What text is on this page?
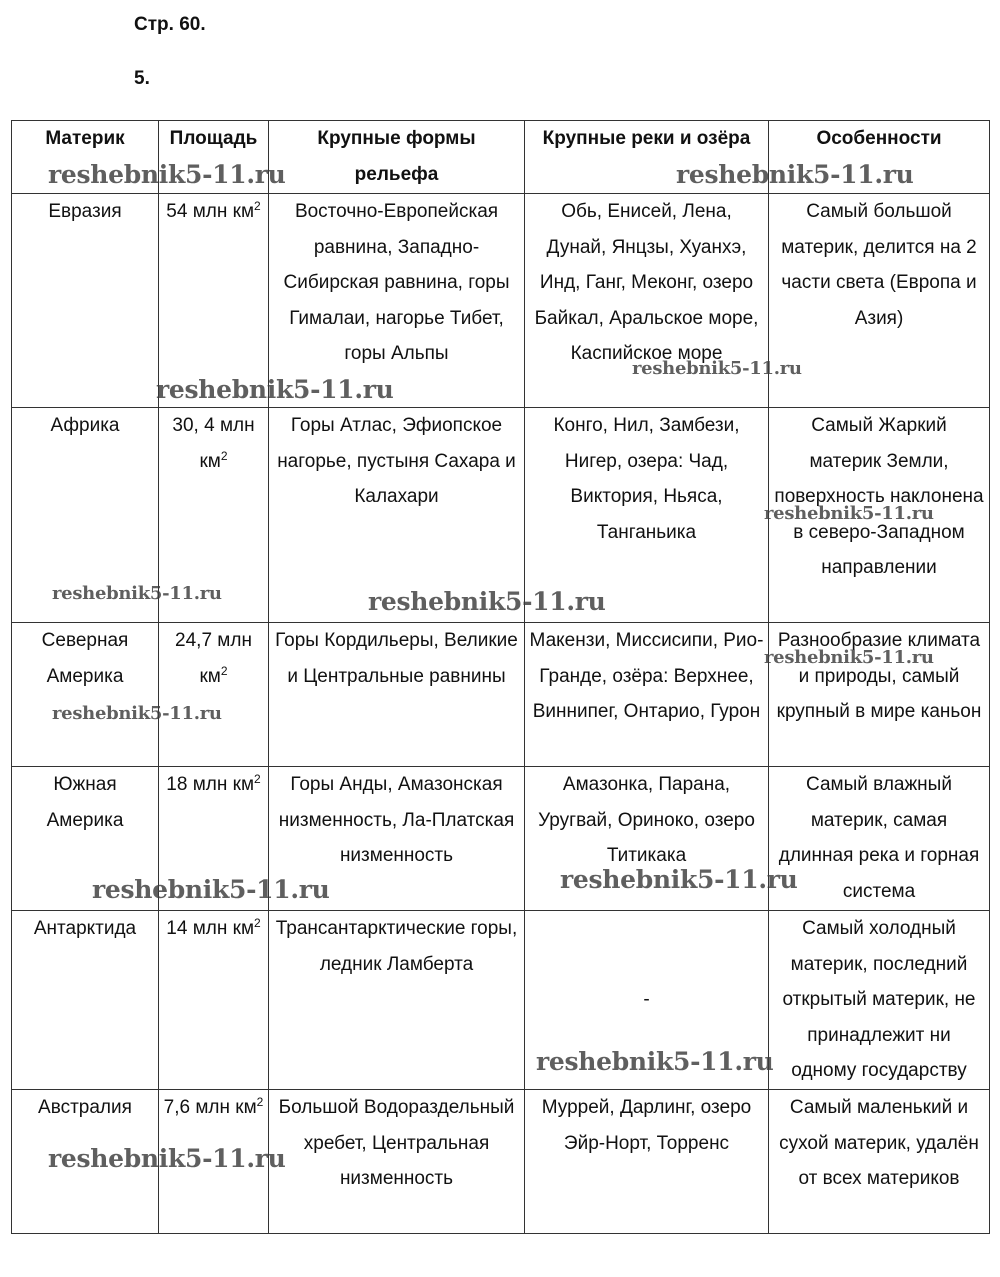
Стр. 60.
5.
Материк	Площадь	Крупные формы рельефа	Крупные реки и озёра	Особенности
Евразия	54 млн $км^2$	Восточно-Европейская равнина, Западно-Сибирская равнина, горы Гималаи, нагорье Тибет, горы Альпы	Обь, Енисей, Лена, Дунай, Янцзы, Хуанхэ, Инд, Ганг, Меконг, озеро Байкал, Аральское море, Каспийское море	Самый большой материк, делится на 2 части света (Европа и Азия)
Африка	30, 4 млн $км^2$	Горы Атлас, Эфиопское нагорье, пустыня Сахара и Калахари	Конго, Нил, Замбези, Нигер, озера: Чад, Виктория, Ньяса, Танганьика	Самый Жаркий материк Земли, поверхность наклонена в северо-Западном направлении
Северная Америка	24,7 млн $км^2$	Горы Кордильеры, Великие и Центральные равнины	Макензи, Миссисипи, Рио-Гранде, озёра: Верхнее, Виннипег, Онтарио, Гурон	Разнообразие климата и природы, самый крупный в мире каньон
Южная Америка	18 млн $км^2$	Горы Анды, Амазонская низменность, Ла-Платская низменность	Амазонка, Парана, Уругвай, Ориноко, озеро Титикака	Самый влажный материк, самая длинная река и горная система
Антарктида	14 млн $км^2$	Трансантарктические горы, ледник Ламберта	-	Самый холодный материк, последний открытый материк, не принадлежит ни одному государству
Австралия	7,6 млн $км^2$	Большой Водораздельный хребет, Центральная низменность	Муррей, Дарлинг, озеро Эйр-Норт, Торренс	Самый маленький и сухой материк, удалён от всех материков
reshebnik5-11.ru	reshebnik5-11.ru
reshebnik5-11.ru
reshebnik5-11.ru
reshebnik5-11.ru
reshebnik5-11.ru	reshebnik5-11.ru
reshebnik5-11.ru
reshebnik5-11.ru
reshebnik5-11.ru	reshebnik5-11.ru
reshebnik5-11.ru
reshebnik5-11.ru
